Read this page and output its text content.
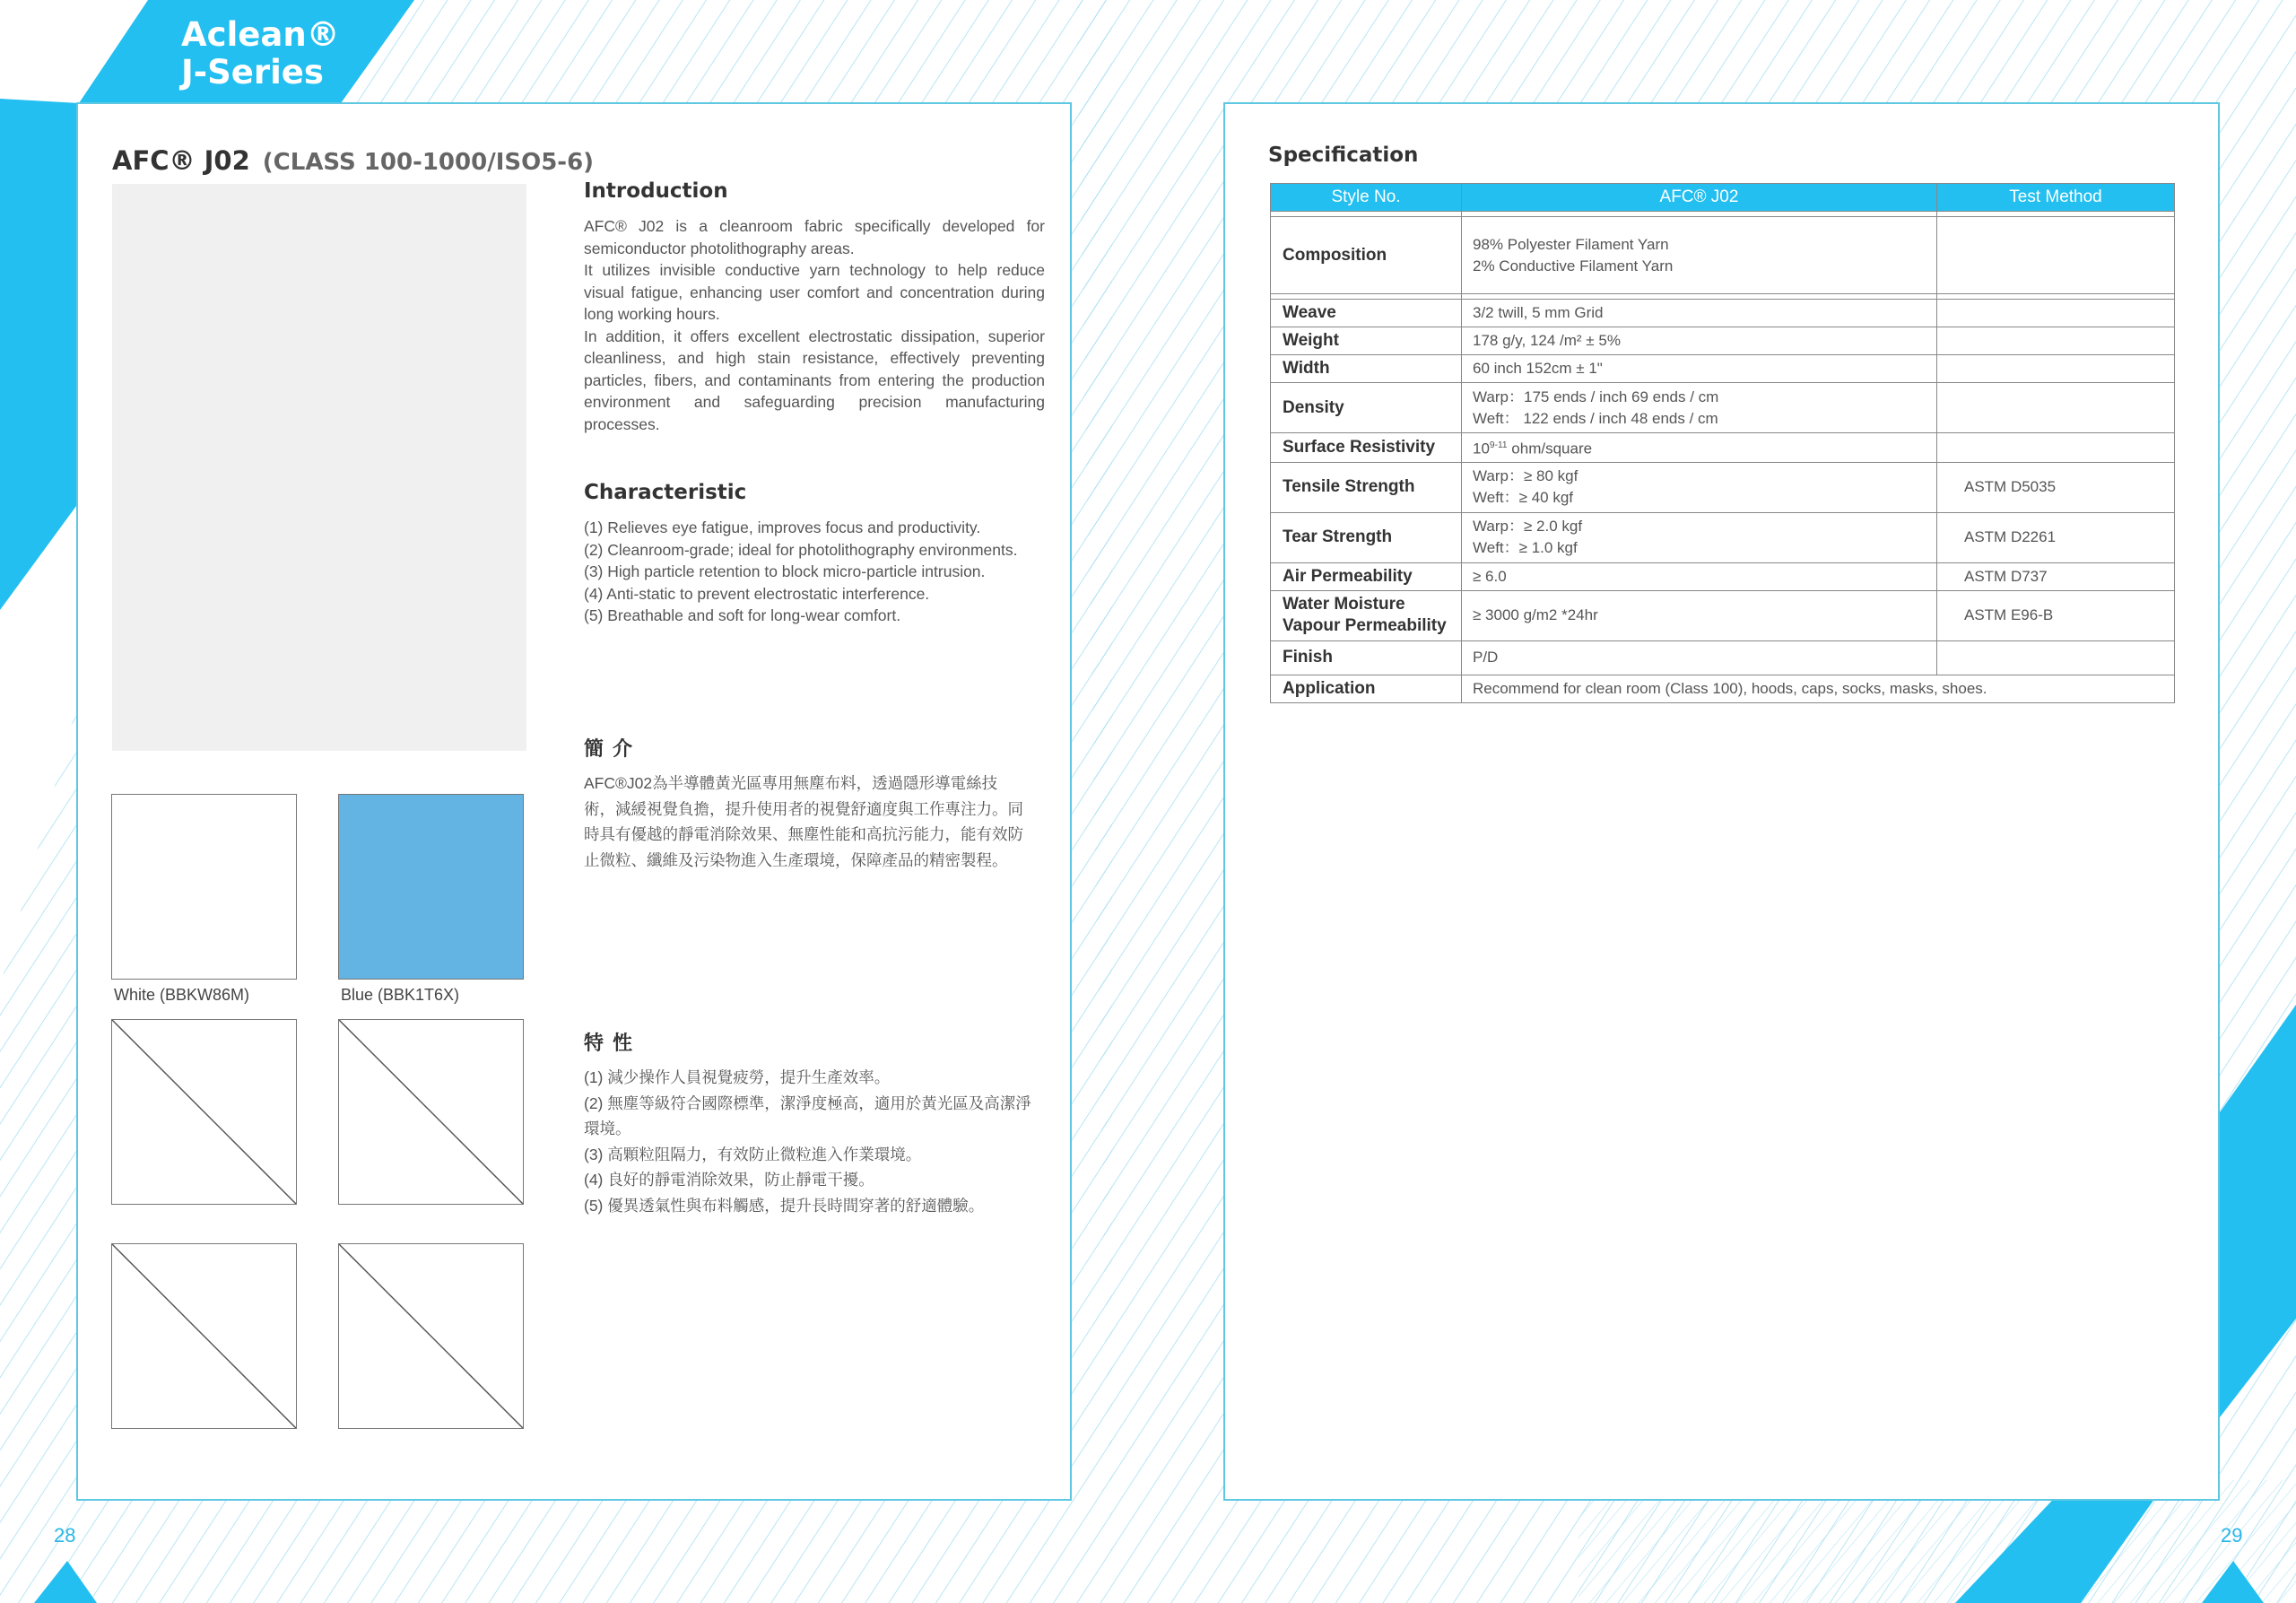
Aclean®
J-Series
AFC® J02 (CLASS 100-1000/ISO5-6)
White (BBKW86M)	Blue (BBK1T6X)
Introduction
AFC® J02 is a cleanroom fabric specifically developed for semiconductor photolithography areas.
It utilizes invisible conductive yarn technology to help reduce visual fatigue, enhancing user comfort and concentration during long working hours.
In addition, it offers excellent electrostatic dissipation, superior cleanliness, and high stain resistance, effectively preventing particles, fibers, and contaminants from entering the production environment and safeguarding precision manufacturing processes.
Characteristic
(1) Relieves eye fatigue, improves focus and productivity.
(2) Cleanroom-grade; ideal for photolithography environments.
(3) High particle retention to block micro-particle intrusion.
(4) Anti-static to prevent electrostatic interference.
(5) Breathable and soft for long-wear comfort.
簡介
AFC®J02為半導體黃光區專用無塵布料，透過隱形導電絲技術，減緩視覺負擔，提升使用者的視覺舒適度與工作專注力。同時具有優越的靜電消除效果、無塵性能和高抗污能力，能有效防止微粒、纖維及污染物進入生產環境，保障產品的精密製程。
特性
(1) 減少操作人員視覺疲勞，提升生產效率。
(2) 無塵等級符合國際標準，潔淨度極高，適用於黃光區及高潔淨環境。
(3) 高顆粒阻隔力，有效防止微粒進入作業環境。
(4) 良好的靜電消除效果，防止靜電干擾。
(5) 優異透氣性與布料觸感，提升長時間穿著的舒適體驗。
Specification
Style No.	AFC® J02	Test Method

Composition	98% Polyester Filament Yarn
2% Conductive Filament Yarn	

Weave	3/2 twill, 5 mm Grid	
Weight	178 g/y, 124 /m² ± 5%	
Width	60 inch 152cm ± 1"	
Density	Warp：175 ends / inch 69 ends / cm
Weft： 122 ends / inch 48 ends / cm	

Surface Resistivity	10$^{9-11}$ ohm/square	
Tensile Strength	Warp：≥ 80 kgf
Weft：≥ 40 kgf	ASTM D5035
Tear Strength	Warp：≥ 2.0 kgf
Weft：≥ 1.0 kgf	ASTM D2261
Air Permeability	≥ 6.0	ASTM D737

Water Moisture
Vapour Permeability	≥ 3000 g/m2 *24hr	ASTM E96-B
Finish	P/D	
Application	Recommend for clean room (Class 100), hoods, caps, socks, masks, shoes.	
28	29
